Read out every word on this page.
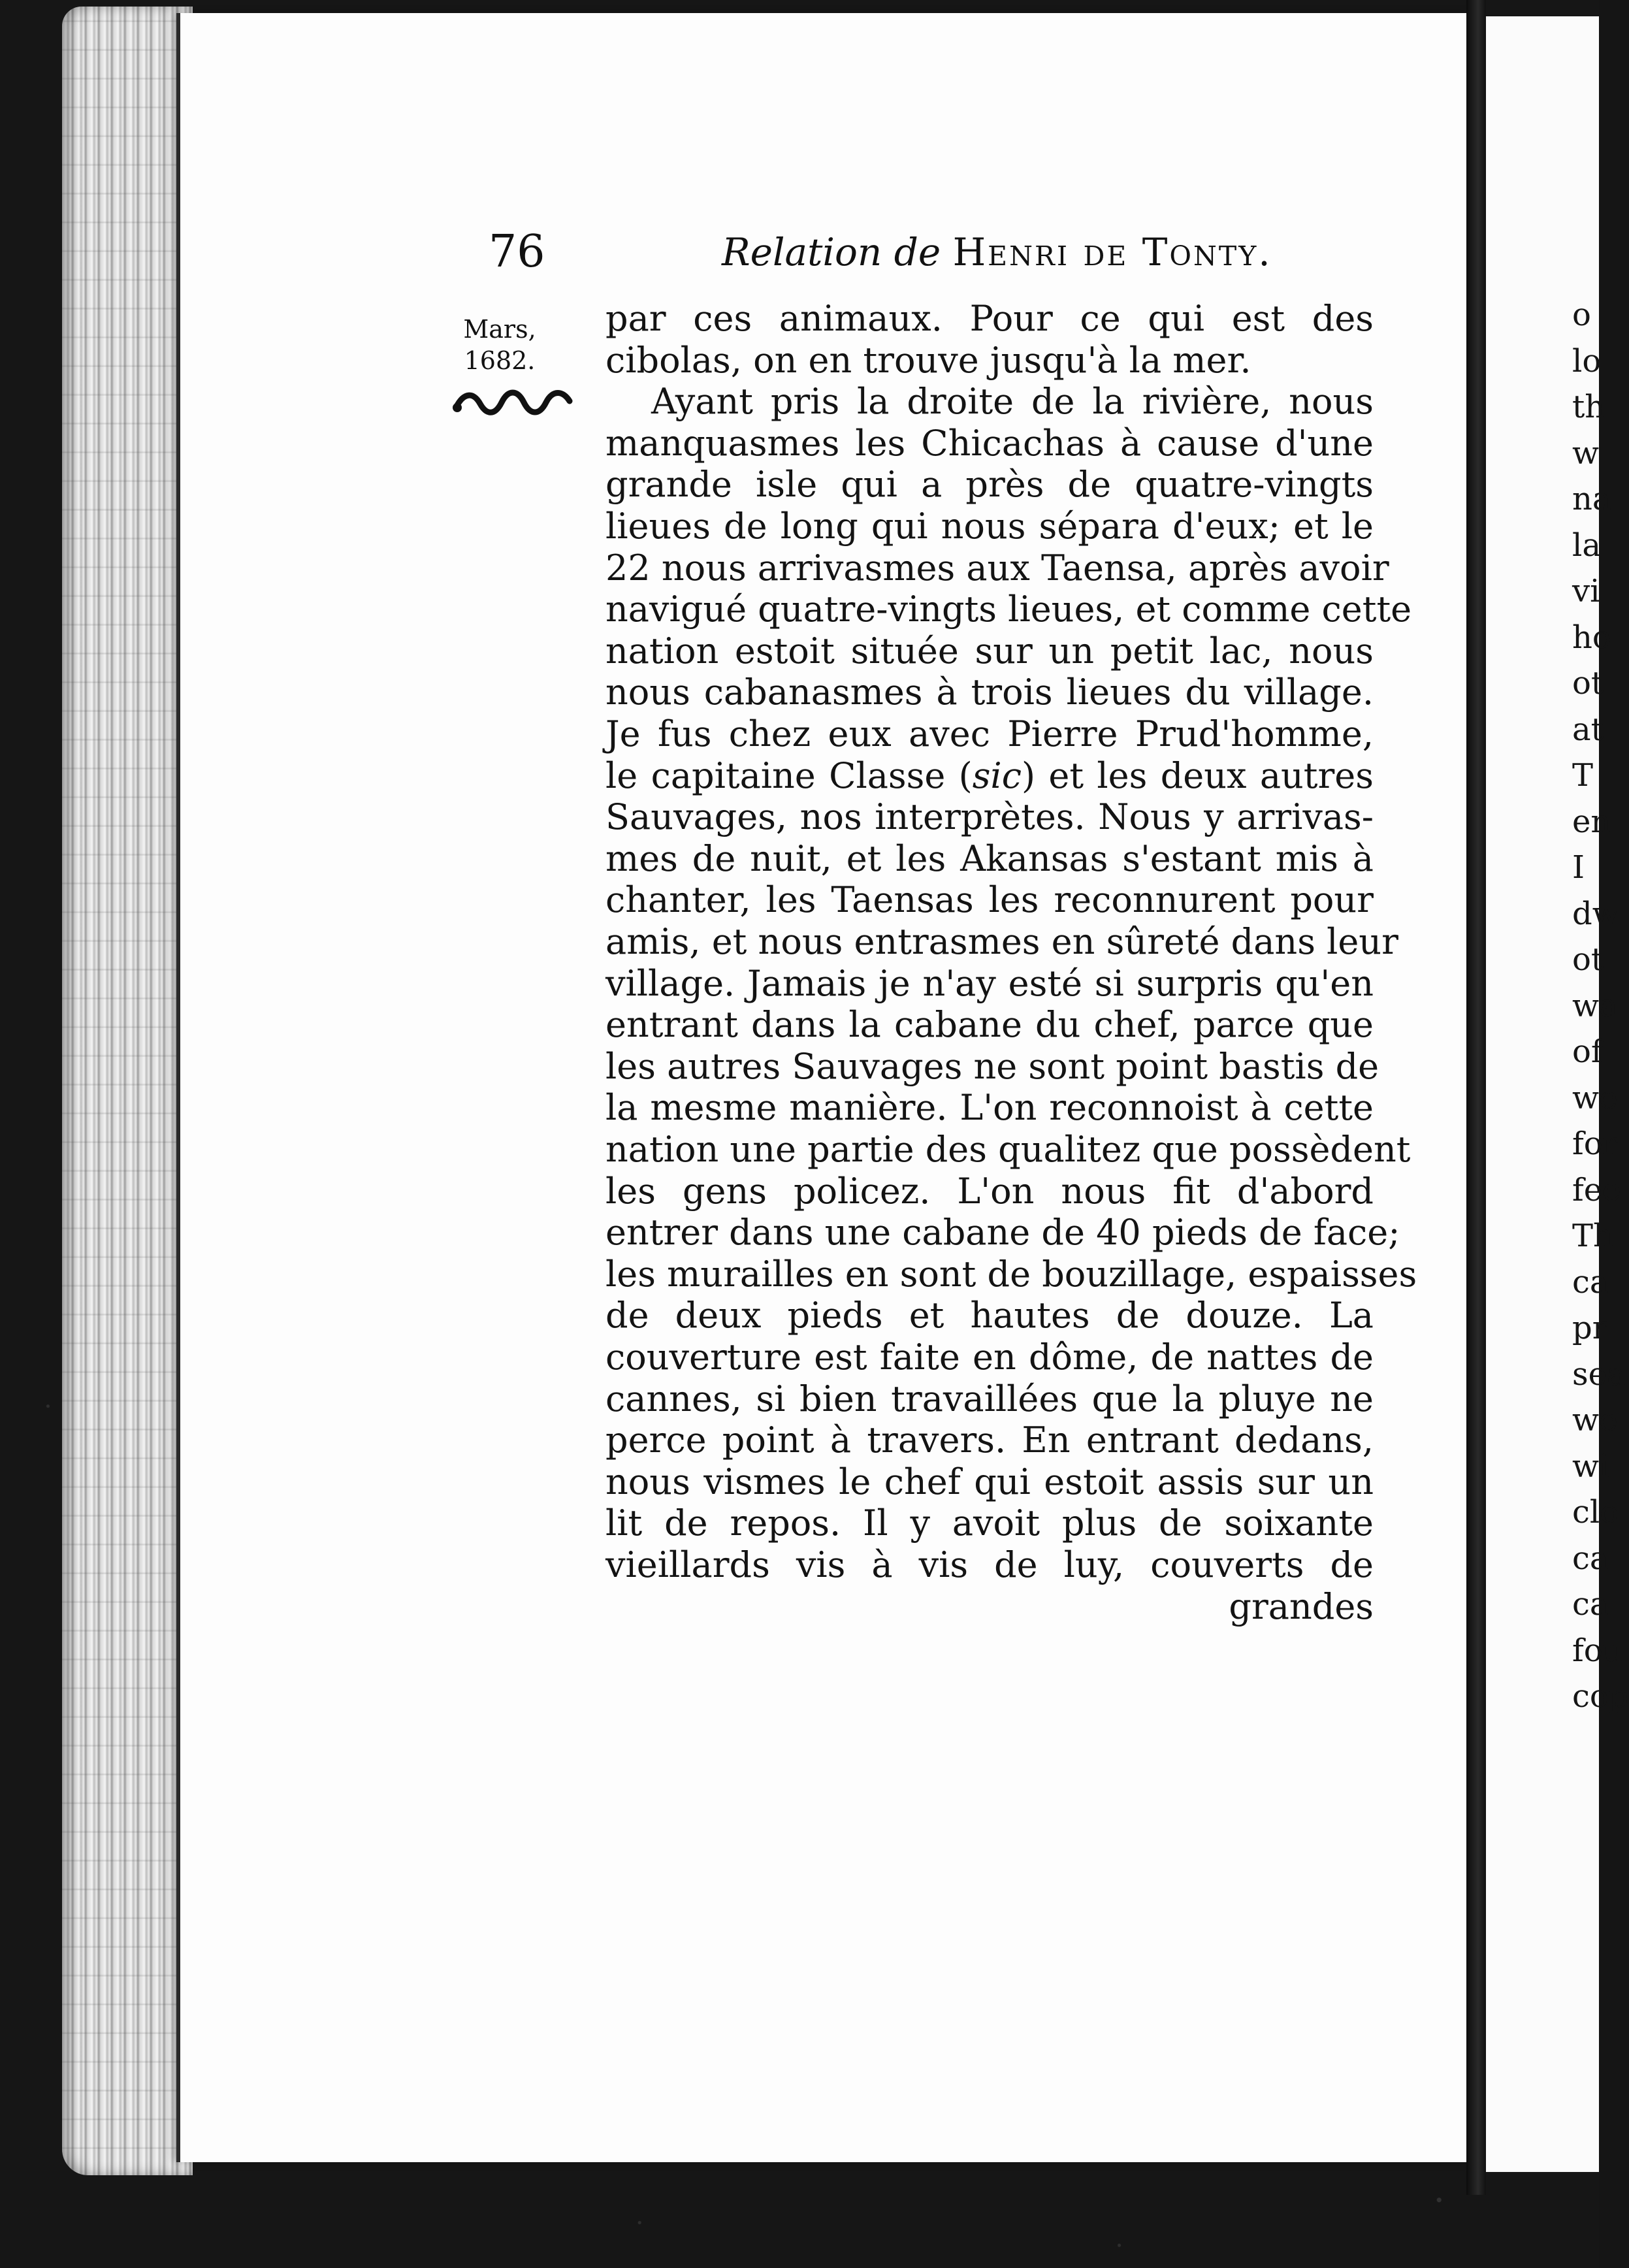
o
lo
th
w
na
la
vi
ho
ot
at
T
en
I
dw
ot
wa
of
we
for
fee
Th
ca
pr
sea
we
wi
clo
ca
ca
fou
cop
76	Relation de Henri de Tonty.
Mars,
1682.
par ces animaux. Pour ce qui est des
cibolas, on en trouve jusqu'à la mer.
Ayant pris la droite de la rivière, nous
manquasmes les Chicachas à cause d'une
grande isle qui a près de quatre-vingts
lieues de long qui nous sépara d'eux; et le
22 nous arrivasmes aux Taensa, après avoir
navigué quatre-vingts lieues, et comme cette
nation estoit située sur un petit lac, nous
nous cabanasmes à trois lieues du village.
Je fus chez eux avec Pierre Prud'homme,
le capitaine Classe (sic) et les deux autres
Sauvages, nos interprètes. Nous y arrivas-
mes de nuit, et les Akansas s'estant mis à
chanter, les Taensas les reconnurent pour
amis, et nous entrasmes en sûreté dans leur
village. Jamais je n'ay esté si surpris qu'en
entrant dans la cabane du chef, parce que
les autres Sauvages ne sont point bastis de
la mesme manière. L'on reconnoist à cette
nation une partie des qualitez que possèdent
les gens policez. L'on nous fit d'abord
entrer dans une cabane de 40 pieds de face;
les murailles en sont de bouzillage, espaisses
de deux pieds et hautes de douze. La
couverture est faite en dôme, de nattes de
cannes, si bien travaillées que la pluye ne
perce point à travers. En entrant dedans,
nous vismes le chef qui estoit assis sur un
lit de repos. Il y avoit plus de soixante
vieillards vis à vis de luy, couverts de
grandes
